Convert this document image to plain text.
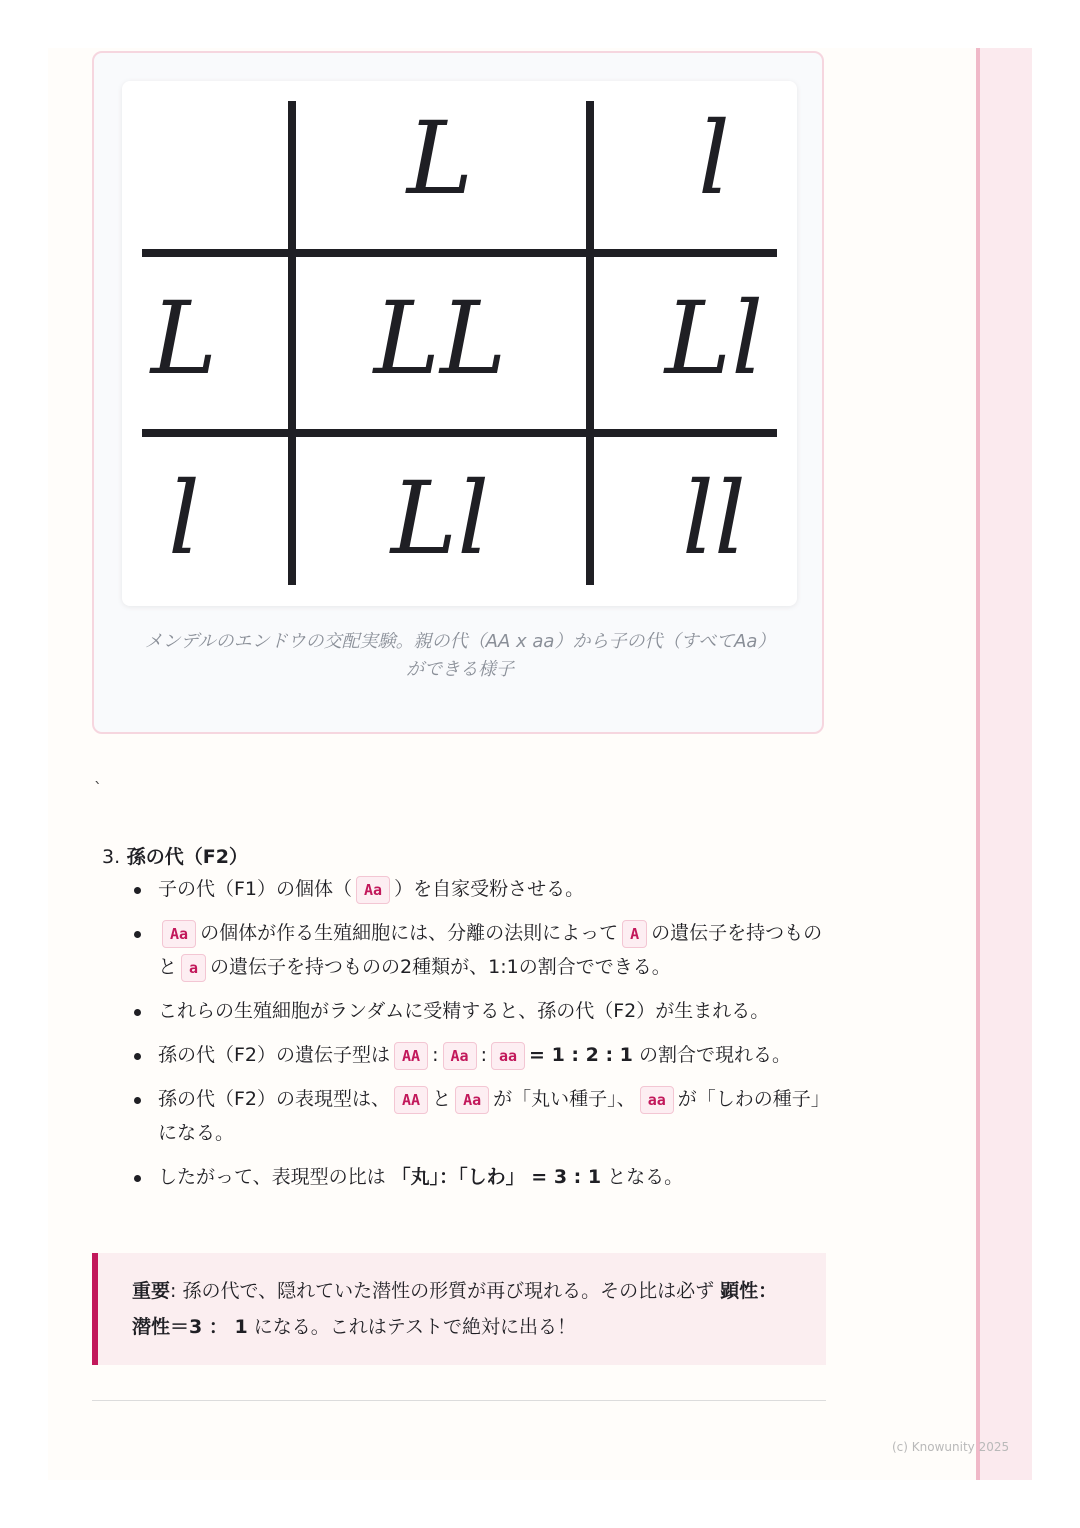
L l
L
l
LL Ll
Ll ll
メンデルのエンドウの交配実験。親の代（AA x aa）から子の代（すべてAa）
ができる様子
`
3. 孫の代（F2）
子の代（F1）の個体（ Aa ）を自家受粉させる。
Aa の個体が作る生殖細胞には、分離の法則によって A の遺伝子を持つものと a の遺伝子を持つものの2種類が、1:1の割合でできる。
これらの生殖細胞がランダムに受精すると、孫の代（F2）が生まれる。
孫の代（F2）の遺伝子型は AA : Aa : aa = 1 : 2 : 1 の割合で現れる。
孫の代（F2）の表現型は、 AA と Aa が「丸い種子」、 aa が「しわの種子」になる。
したがって、表現型の比は 「丸」：「しわ」 = 3 : 1 となる。
重要: 孫の代で、隠れていた潜性の形質が再び現れる。その比は必ず 顕性：潜性＝3 ： 1 になる。これはテストで絶対に出る！
(c) Knowunity 2025
